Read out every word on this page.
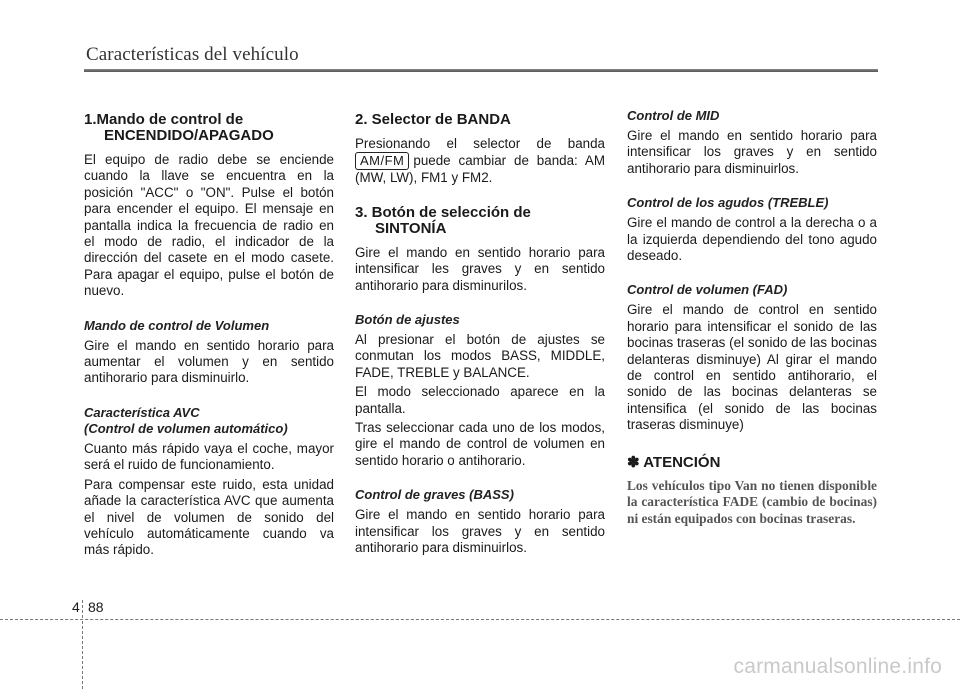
Características del vehículo
1.Mando de control de ENCENDIDO/APAGADO

El equipo de radio debe se enciende cuando la llave se encuentra en la posición "ACC" o "ON". Pulse el botón para encender el equipo. El mensaje en pantalla indica la frecuencia de radio en el modo de radio, el indicador de la dirección del casete en el modo casete. Para apagar el equipo, pulse el botón de nuevo.

Mando de control de Volumen

Gire el mando en sentido horario para aumentar el volumen y en sentido antihorario para disminuirlo.

Característica AVC
(Control de volumen automático)

Cuanto más rápido vaya el coche, mayor será el ruido de funcionamiento.

Para compensar este ruido, esta unidad añade la característica AVC que aumenta el nivel de volumen de sonido del vehículo automáticamente cuando va más rápido.

2. Selector de BANDA

Presionando el selector de banda AM/FM puede cambiar de banda: AM (MW, LW), FM1 y FM2.

3. Botón de selección de SINTONÍA

Gire el mando en sentido horario para intensificar les graves y en sentido antihorario para disminurilos.

Botón de ajustes

Al presionar el botón de ajustes se conmutan los modos BASS, MIDDLE, FADE, TREBLE y BALANCE.

El modo seleccionado aparece en la pantalla.

Tras seleccionar cada uno de los modos, gire el mando de control de volumen en sentido horario o antihorario.

Control de graves (BASS)

Gire el mando en sentido horario para intensificar los graves y en sentido antihorario para disminuirlos.

Control de MID

Gire el mando en sentido horario para intensificar los graves y en sentido antihorario para disminuirlos.

Control de los agudos (TREBLE)

Gire el mando de control a la derecha o a la izquierda dependiendo del tono agudo deseado.

Control de volumen (FAD)

Gire el mando de control en sentido horario para intensificar el sonido de las bocinas traseras (el sonido de las bocinas delanteras disminuye) Al girar el mando de control en sentido antihorario, el sonido de las bocinas delanteras se intensifica (el sonido de las bocinas traseras disminuye)

✽ ATENCIÓN

Los vehículos tipo Van no tienen disponible la característica FADE (cambio de bocinas) ni están equipados con bocinas traseras.

4 88
carmanualsonline.info
